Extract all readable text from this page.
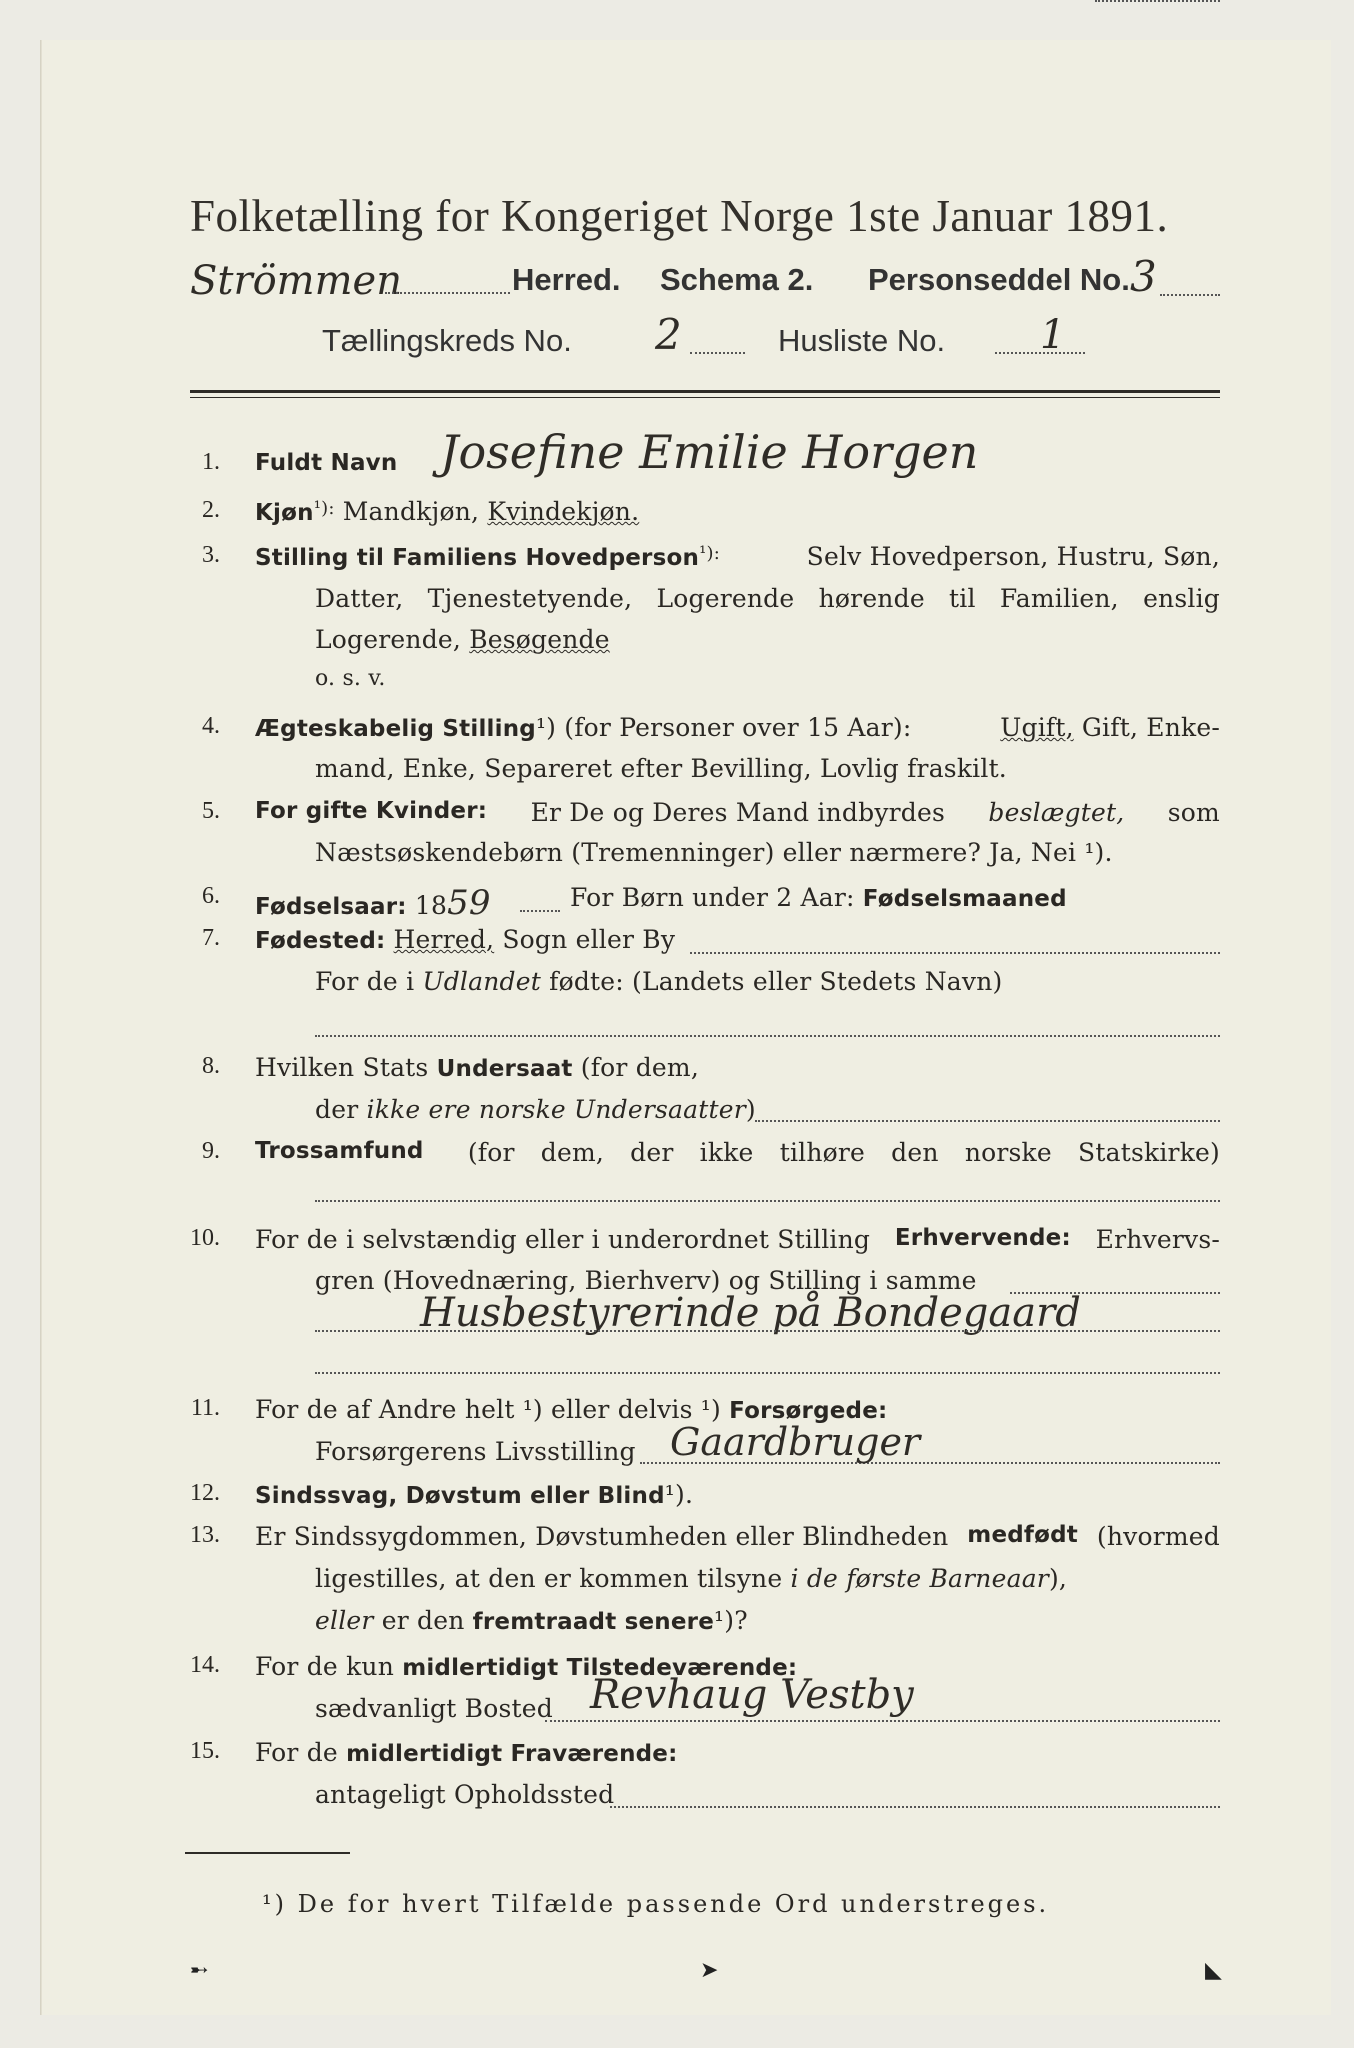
Folketælling for Kongeriget Norge 1ste Januar 1891.
Strömmen	Herred. Schema 2. Personseddel No. 3
Tællingskreds No. 2	Husliste No. 1
1. Fuldt Navn Josefine Emilie Horgen
2. Kjøn$^{^1):}$ Mandkjøn, Kvindekjøn.
3. Stilling til Familiens Hovedperson$^{^1):}$	Selv Hovedperson, Hustru, Søn,
Datter, Tjenestetyende, Logerende hørende til Familien, enslig
Logerende, Besøgende
o. s. v.
4. Ægteskabelig Stilling¹) (for Personer over 15 Aar):	Ugift, Gift, Enke-
mand, Enke, Separeret efter Bevilling, Lovlig fraskilt.
5. For gifte Kvinder: Er De og Deres Mand indbyrdes beslægtet, som
Næstsøskendebørn (Tremenninger) eller nærmere? Ja, Nei ¹).
6. Fødselsaar: 1859	For Børn under 2 Aar: Fødselsmaaned
7. Fødested: Herred, Sogn eller By
For de i Udlandet fødte: (Landets eller Stedets Navn)
8. Hvilken Stats Undersaat (for dem,
der ikke ere norske Undersaatter)
9. Trossamfund (for dem, der ikke tilhøre den norske Statskirke)
10. For de i selvstændig eller i underordnet Stilling Erhvervende: Erhvervs-
gren (Hovednæring, Bierhverv) og Stilling i samme
Husbestyrerinde på Bondegaard
11. For de af Andre helt ¹) eller delvis ¹) Forsørgede:
Forsørgerens Livsstilling Gaardbruger
12. Sindssvag, Døvstum eller Blind¹).
13. Er Sindssygdommen, Døvstumheden eller Blindheden medfødt (hvormed
ligestilles, at den er kommen tilsyne i de første Barneaar),
eller er den fremtraadt senere¹)?
14. For de kun midlertidigt Tilstedeværende:
sædvanligt Bosted Revhaug Vestby
15. For de midlertidigt Fraværende:
antageligt Opholdssted
¹) De for hvert Tilfælde passende Ord understreges.
➸	➤	◣
